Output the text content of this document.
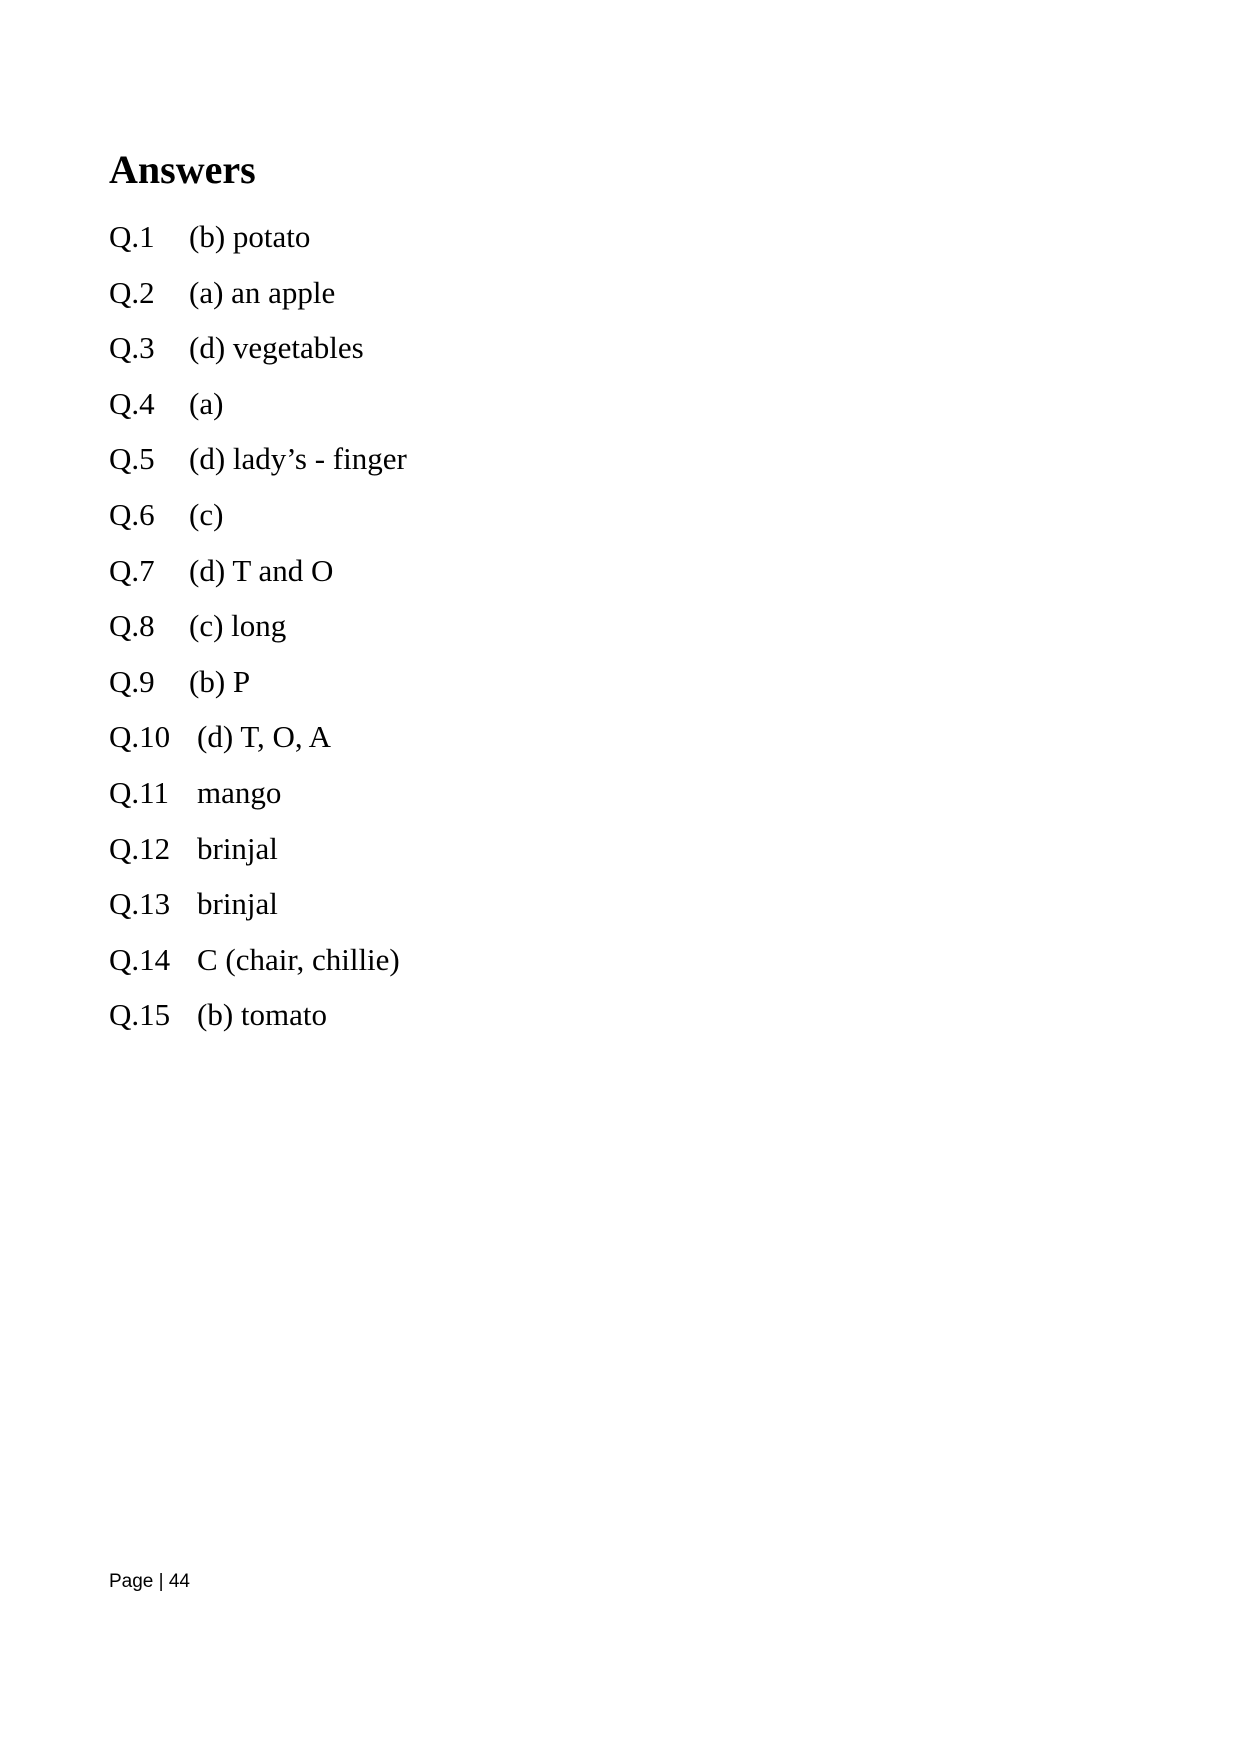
Answers
Q.1	(b) potato
Q.2	(a) an apple
Q.3	(d) vegetables
Q.4	(a)
Q.5	(d) lady’s - finger
Q.6	(c)
Q.7	(d) T and O
Q.8	(c) long
Q.9	(b) P
Q.10 (d) T, O, A
Q.11 mango
Q.12 brinjal
Q.13 brinjal
Q.14 C (chair, chillie)
Q.15 (b) tomato
Page | 44
